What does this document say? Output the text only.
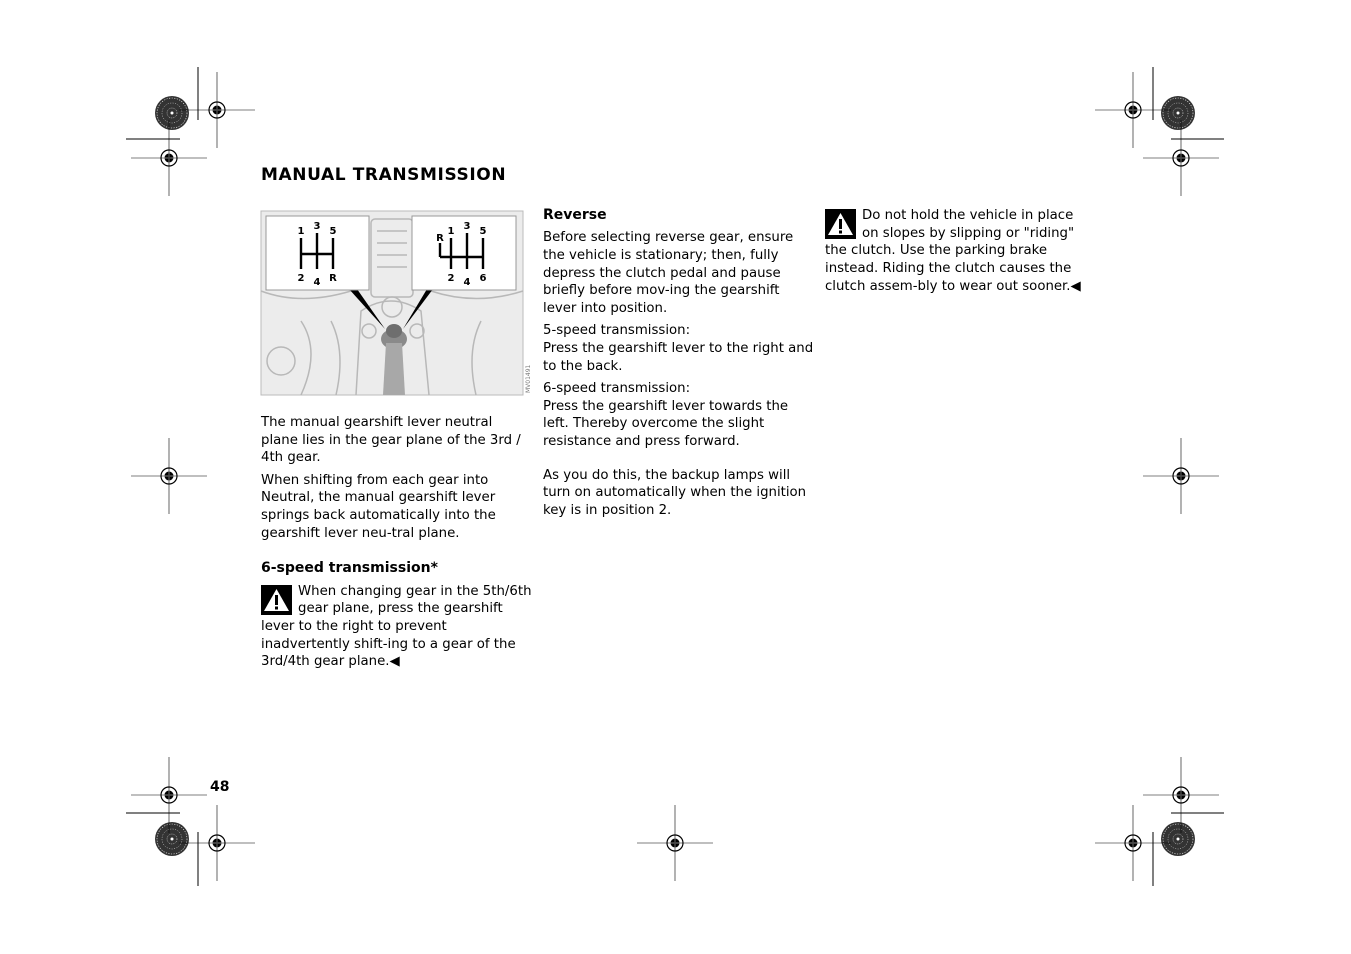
MANUAL TRANSMISSION
1 3 5
2 4 R
R
1 3 5
2 4 6
MV01491

The manual gearshift lever neutral plane lies in the gear plane of the 3rd / 4th gear.

When shifting from each gear into Neutral, the manual gearshift lever springs back automatically into the gearshift lever neu-tral plane.

6-speed transmission*

When changing gear in the 5th/6th gear plane, press the gearshift lever to the right to prevent inadvertently shift-ing to a gear of the 3rd/4th gear plane.◀

Reverse

Before selecting reverse gear, ensure the vehicle is stationary; then, fully depress the clutch pedal and pause briefly before mov-ing the gearshift lever into position.

5-speed transmission:
Press the gearshift lever to the right and to the back.

6-speed transmission:
Press the gearshift lever towards the left. Thereby overcome the slight resistance and press forward.

As you do this, the backup lamps will turn on automatically when the ignition key is in position 2.

Do not hold the vehicle in place on slopes by slipping or "riding" the clutch. Use the parking brake instead. Riding the clutch causes the clutch assem-bly to wear out sooner.◀
48
